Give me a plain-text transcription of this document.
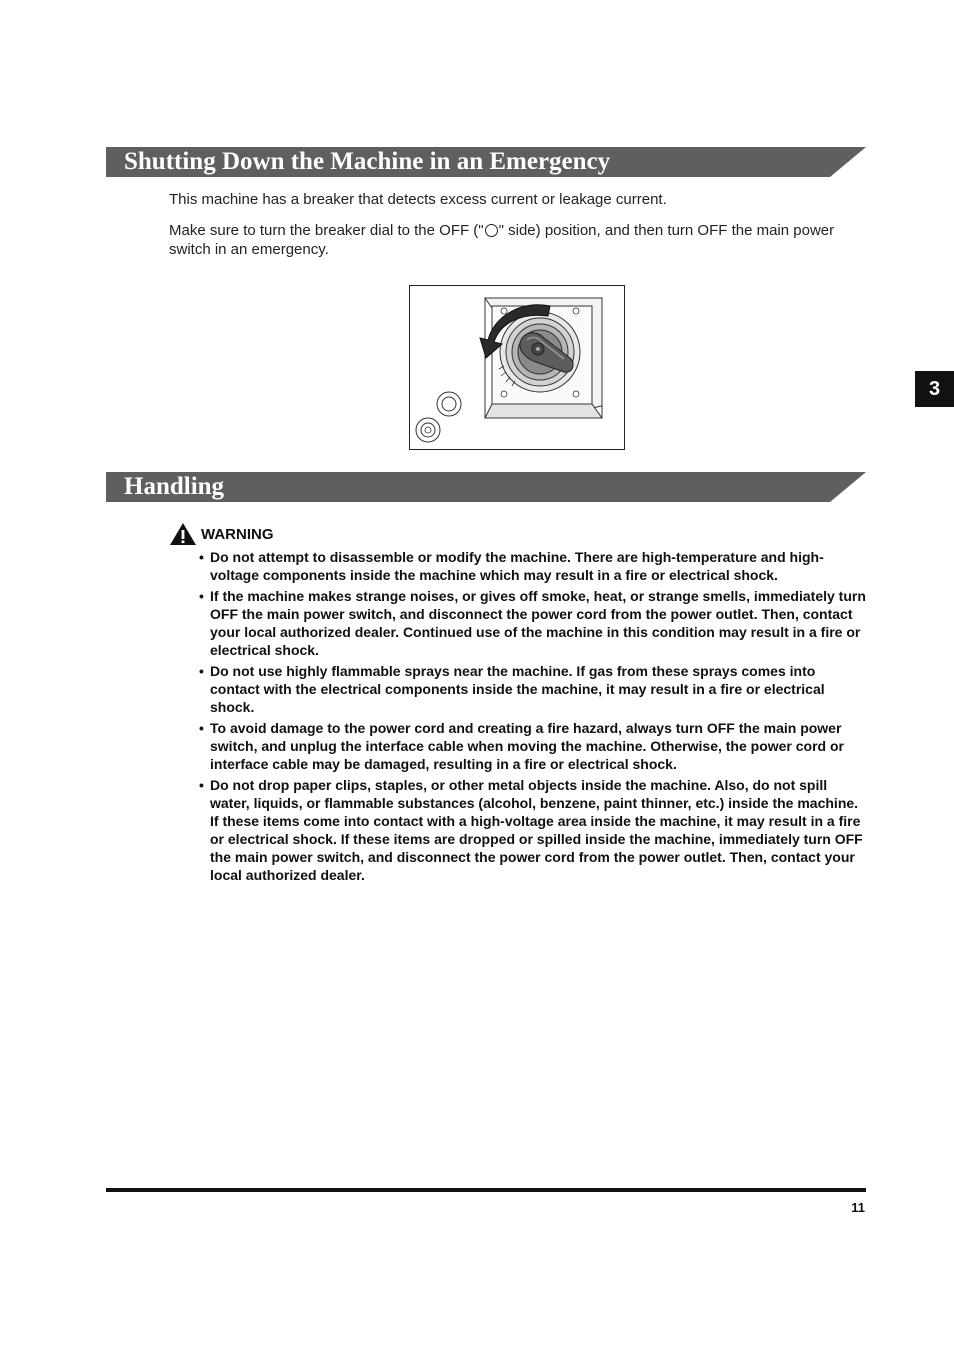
Shutting Down the Machine in an Emergency

This machine has a breaker that detects excess current or leakage current.

Make sure to turn the breaker dial to the OFF (" " side) position, and then turn OFF the main power switch in an emergency.

3
Handling
WARNING
• Do not attempt to disassemble or modify the machine. There are high-temperature and high-voltage components inside the machine which may result in a fire or electrical shock.
• If the machine makes strange noises, or gives off smoke, heat, or strange smells, immediately turn OFF the main power switch, and disconnect the power cord from the power outlet. Then, contact your local authorized dealer. Continued use of the machine in this condition may result in a fire or electrical shock.
• Do not use highly flammable sprays near the machine. If gas from these sprays comes into contact with the electrical components inside the machine, it may result in a fire or electrical shock.
• To avoid damage to the power cord and creating a fire hazard, always turn OFF the main power switch, and unplug the interface cable when moving the machine. Otherwise, the power cord or interface cable may be damaged, resulting in a fire or electrical shock.
• Do not drop paper clips, staples, or other metal objects inside the machine. Also, do not spill water, liquids, or flammable substances (alcohol, benzene, paint thinner, etc.) inside the machine. If these items come into contact with a high-voltage area inside the machine, it may result in a fire or electrical shock. If these items are dropped or spilled inside the machine, immediately turn OFF the main power switch, and disconnect the power cord from the power outlet. Then, contact your local authorized dealer.
11
